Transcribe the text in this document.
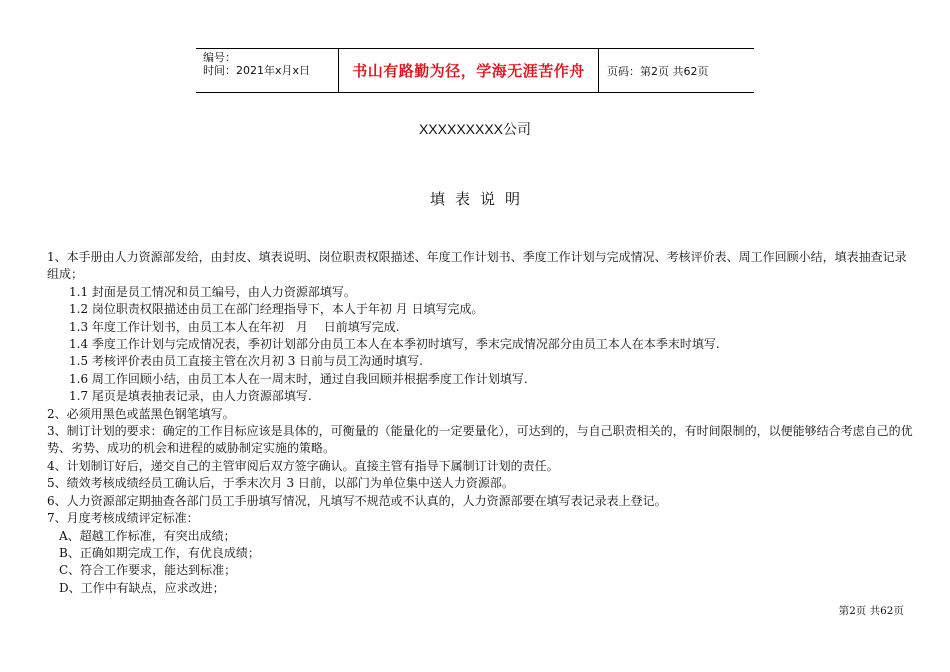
编号：
时间：2021年x月x日	书山有路勤为径，学海无涯苦作舟	页码：第2页 共62页
XXXXXXXXX公司
填表说明
1、本手册由人力资源部发给，由封皮、填表说明、岗位职责权限描述、年度工作计划书、季度工作计划与完成情况、考核评价表、周工作回顾小结，填表抽查记录组成；
1.1 封面是员工情况和员工编号，由人力资源部填写。
1.2 岗位职责权限描述由员工在部门经理指导下，本人于年初 月 日填写完成。
1.3 年度工作计划书，由员工本人在年初　月　 日前填写完成.
1.4 季度工作计划与完成情况表，季初计划部分由员工本人在本季初时填写，季末完成情况部分由员工本人在本季末时填写.
1.5 考核评价表由员工直接主管在次月初 3 日前与员工沟通时填写.
1.6 周工作回顾小结，由员工本人在一周末时，通过自我回顾并根据季度工作计划填写.
1.7 尾页是填表抽表记录，由人力资源部填写.
2、必须用黑色或蓝黑色钢笔填写。
3、制订计划的要求：确定的工作目标应该是具体的，可衡量的（能量化的一定要量化），可达到的，与自己职责相关的，有时间限制的，以便能够结合考虑自己的优势、劣势、成功的机会和进程的威胁制定实施的策略。
4、计划制订好后，递交自己的主管审阅后双方签字确认。直接主管有指导下属制订计划的责任。
5、绩效考核成绩经员工确认后，于季末次月 3 日前，以部门为单位集中送人力资源部。
6、人力资源部定期抽查各部门员工手册填写情况，凡填写不规范或不认真的，人力资源部要在填写表记录表上登记。
7、月度考核成绩评定标准：
A、超越工作标准，有突出成绩；
B、正确如期完成工作，有优良成绩；
C、符合工作要求，能达到标准；
D、工作中有缺点，应求改进；
第2页 共62页
